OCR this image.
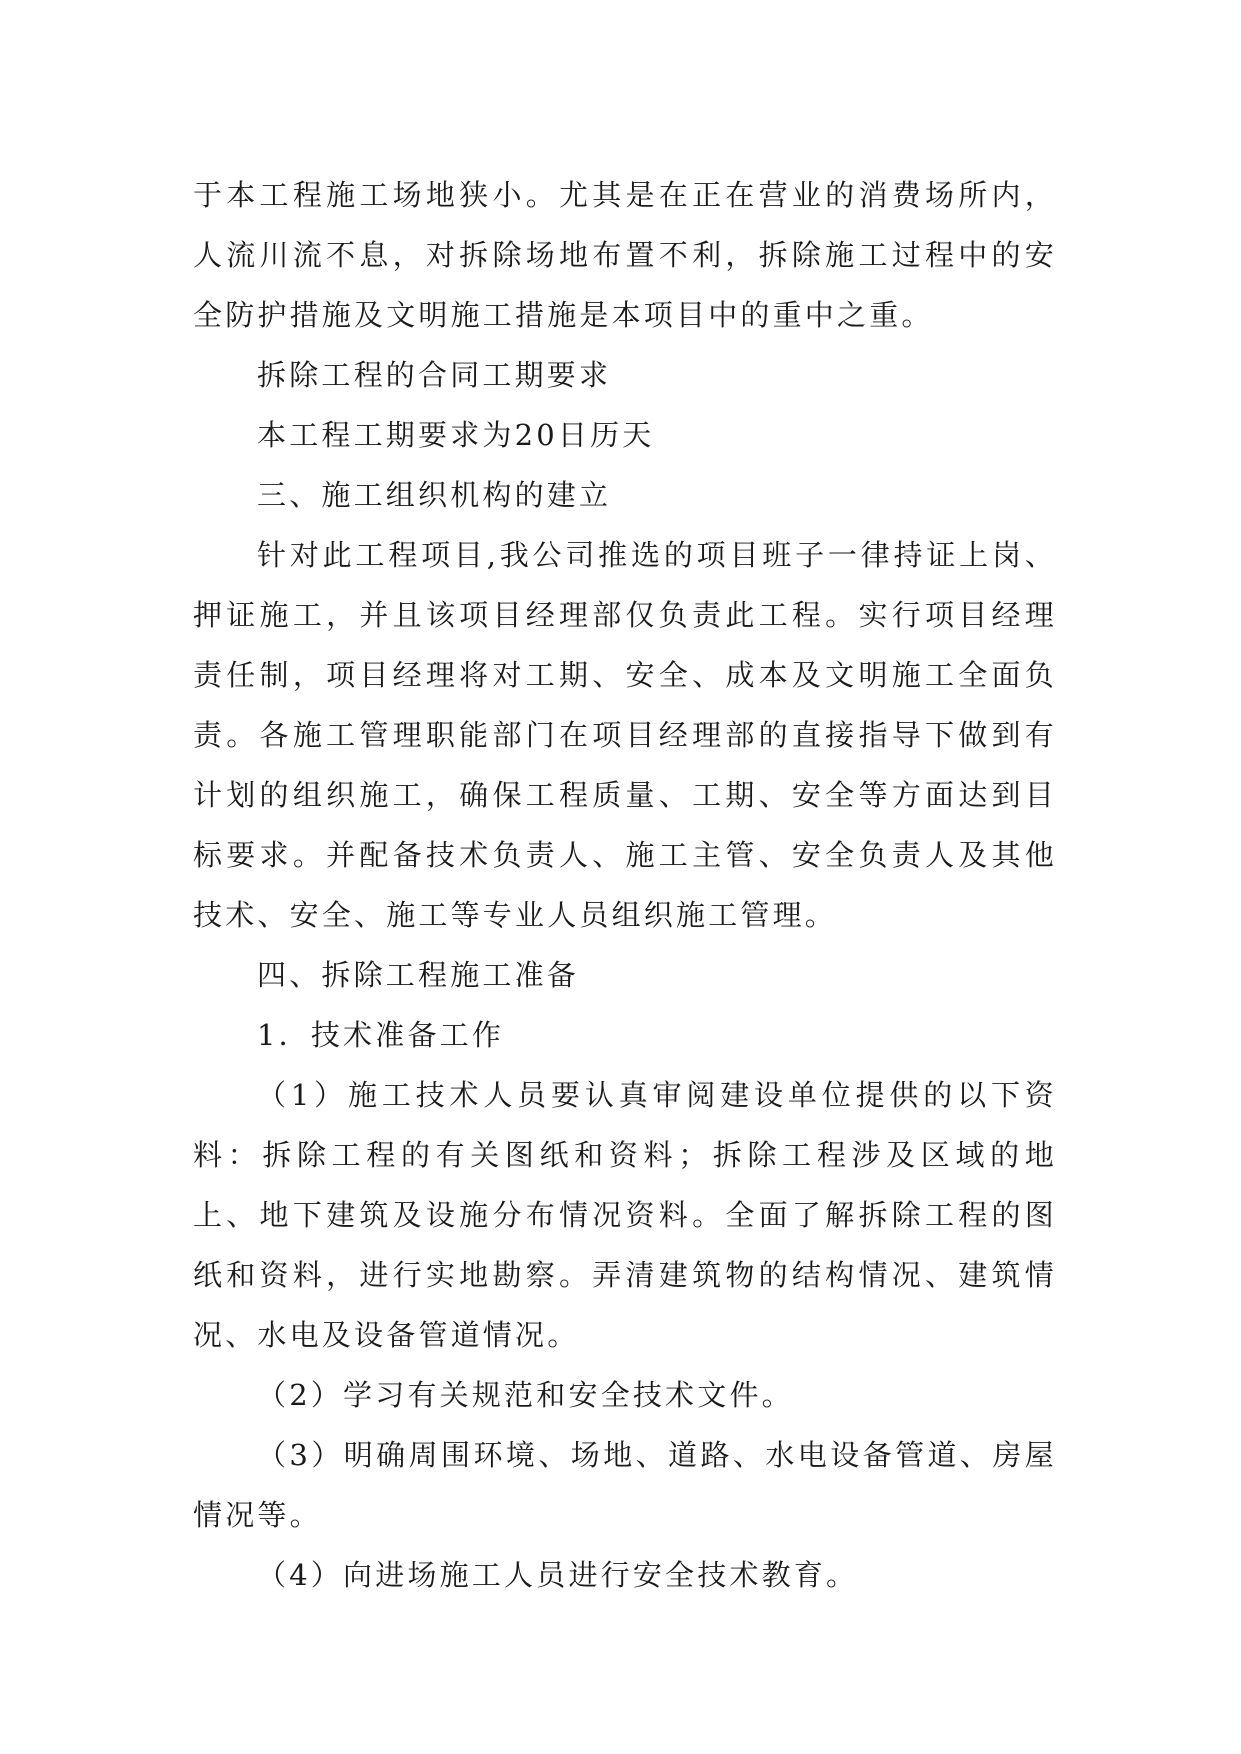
于本工程施工场地狭小。尤其是在正在营业的消费场所内，人流川流不息，对拆除场地布置不利，拆除施工过程中的安全防护措施及文明施工措施是本项目中的重中之重。

拆除工程的合同工期要求

本工程工期要求为20日历天

三、施工组织机构的建立

针对此工程项目,我公司推选的项目班子一律持证上岗、押证施工，并且该项目经理部仅负责此工程。实行项目经理责任制，项目经理将对工期、安全、成本及文明施工全面负责。各施工管理职能部门在项目经理部的直接指导下做到有计划的组织施工，确保工程质量、工期、安全等方面达到目标要求。并配备技术负责人、施工主管、安全负责人及其他技术、安全、施工等专业人员组织施工管理。

四、拆除工程施工准备

1．技术准备工作

（1）施工技术人员要认真审阅建设单位提供的以下资料：拆除工程的有关图纸和资料；拆除工程涉及区域的地上、地下建筑及设施分布情况资料。全面了解拆除工程的图纸和资料，进行实地勘察。弄清建筑物的结构情况、建筑情况、水电及设备管道情况。

（2）学习有关规范和安全技术文件。

（3）明确周围环境、场地、道路、水电设备管道、房屋情况等。

（4）向进场施工人员进行安全技术教育。
